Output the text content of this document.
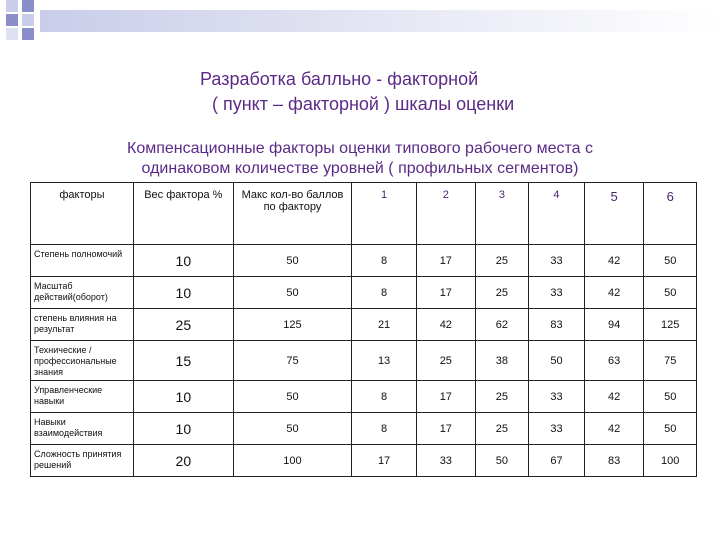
Разработка балльно - факторной
( пункт – факторной ) шкалы оценки
Компенсационные факторы оценки типового рабочего места с
одинаковом количестве уровней ( профильных сегментов)
факторы	Вес фактора %	Макс кол-во баллов по фактору	1	2	3	4	5	6
Степень полномочий	10	50	8	17	25	33	42	50
Масштаб действий(оборот)	10	50	8	17	25	33	42	50
степень влияния на результат	25	125	21	42	62	83	94	125
Технические / профессиональные знания	15	75	13	25	38	50	63	75
Управленческие навыки	10	50	8	17	25	33	42	50
Навыки взаимодействия	10	50	8	17	25	33	42	50
Сложность принятия решений	20	100	17	33	50	67	83	100
